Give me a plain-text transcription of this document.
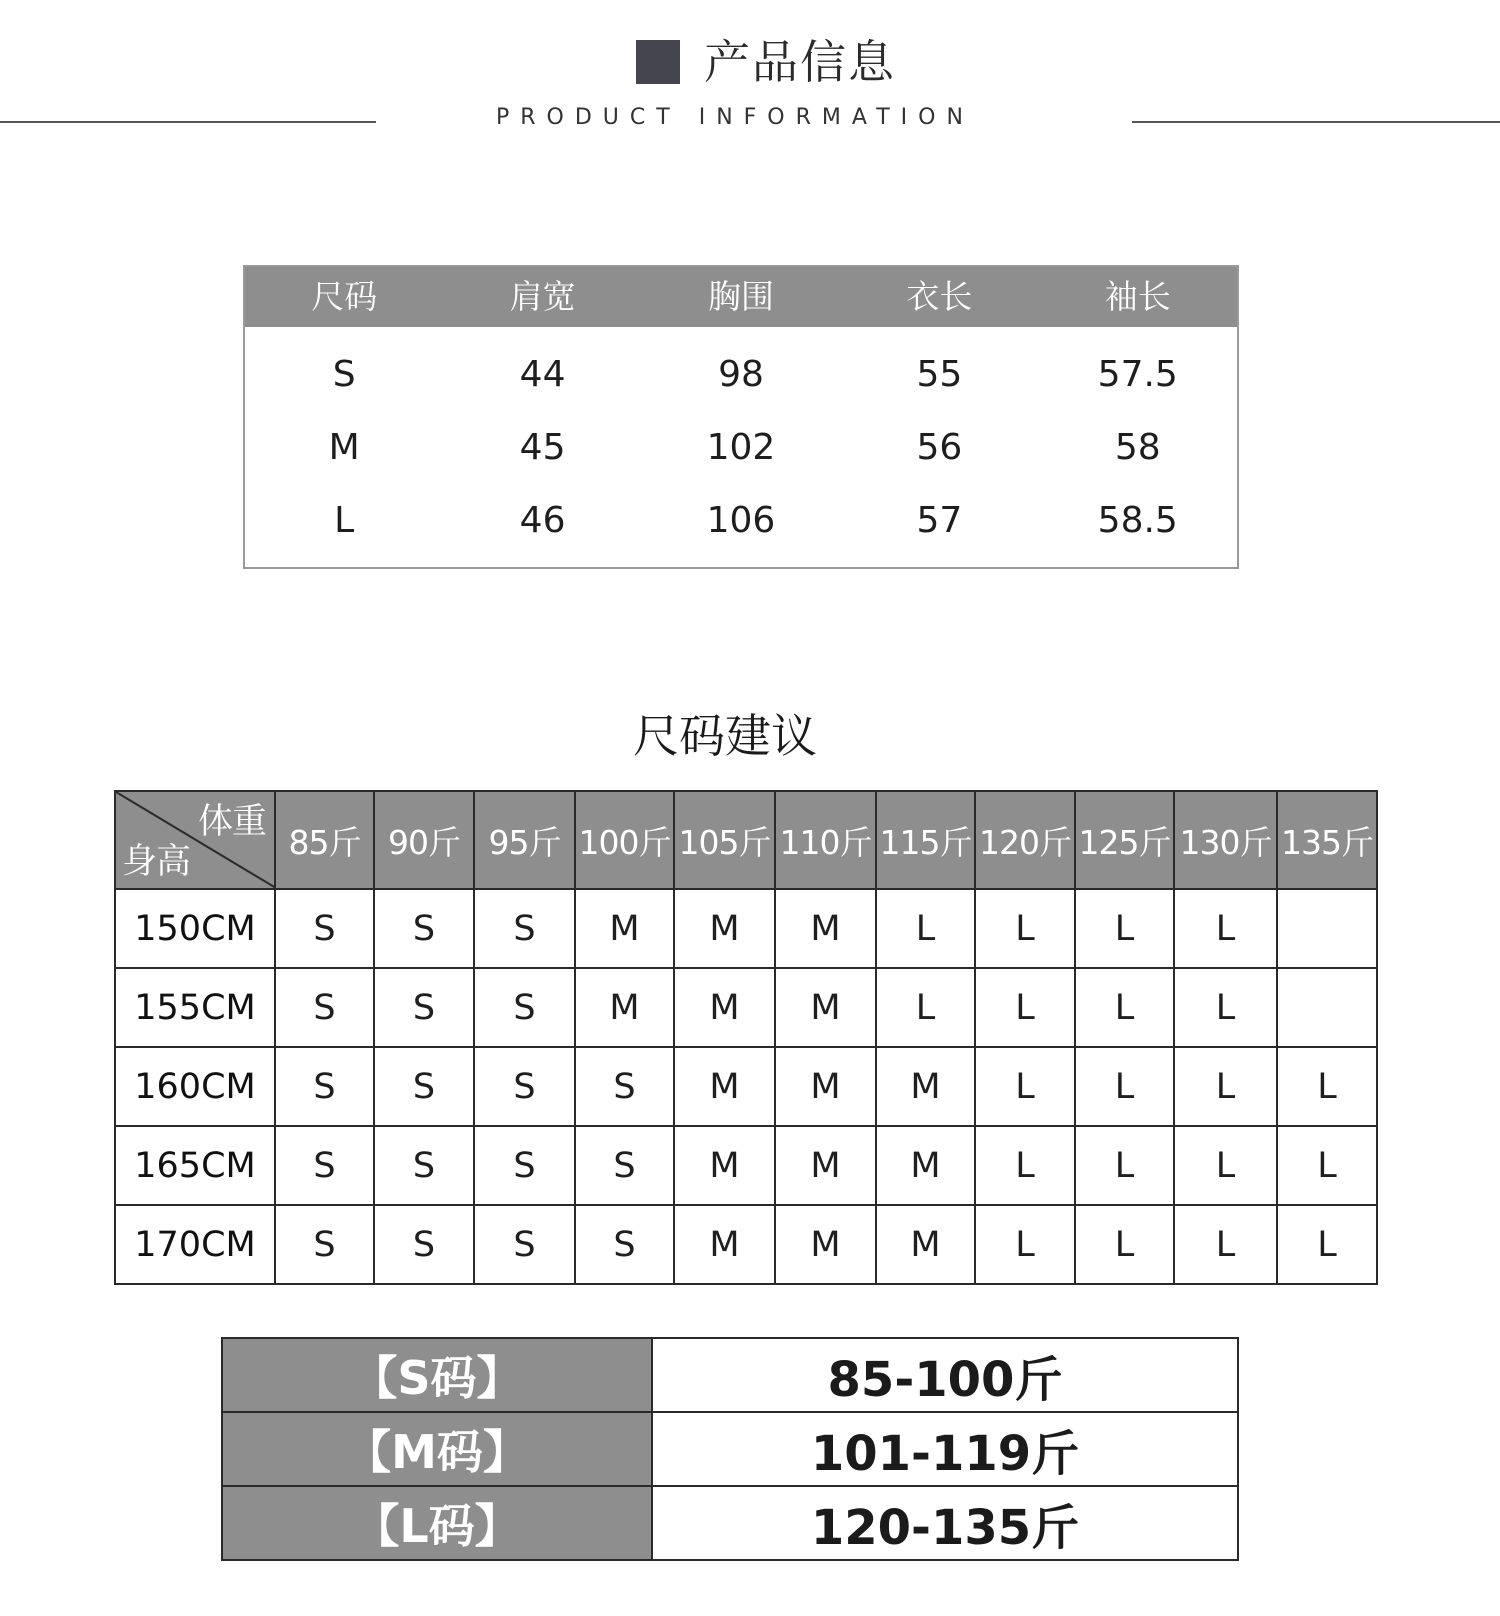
产品信息
PRODUCT INFORMATION
尺码	肩宽	胸围	衣长	袖长
S	44	98	55	57.5
M	45	102	56	58
L	46	106	57	58.5
尺码建议
体重
身高	85斤	90斤	95斤	100斤	105斤	110斤	115斤	120斤	125斤	130斤	135斤
150CM	S	S	S	M	M	M	L	L	L	L	
155CM	S	S	S	M	M	M	L	L	L	L	
160CM	S	S	S	S	M	M	M	L	L	L	L
165CM	S	S	S	S	M	M	M	L	L	L	L
170CM	S	S	S	S	M	M	M	L	L	L	L
【S码】	85-100斤
【M码】	101-119斤
【L码】	120-135斤
